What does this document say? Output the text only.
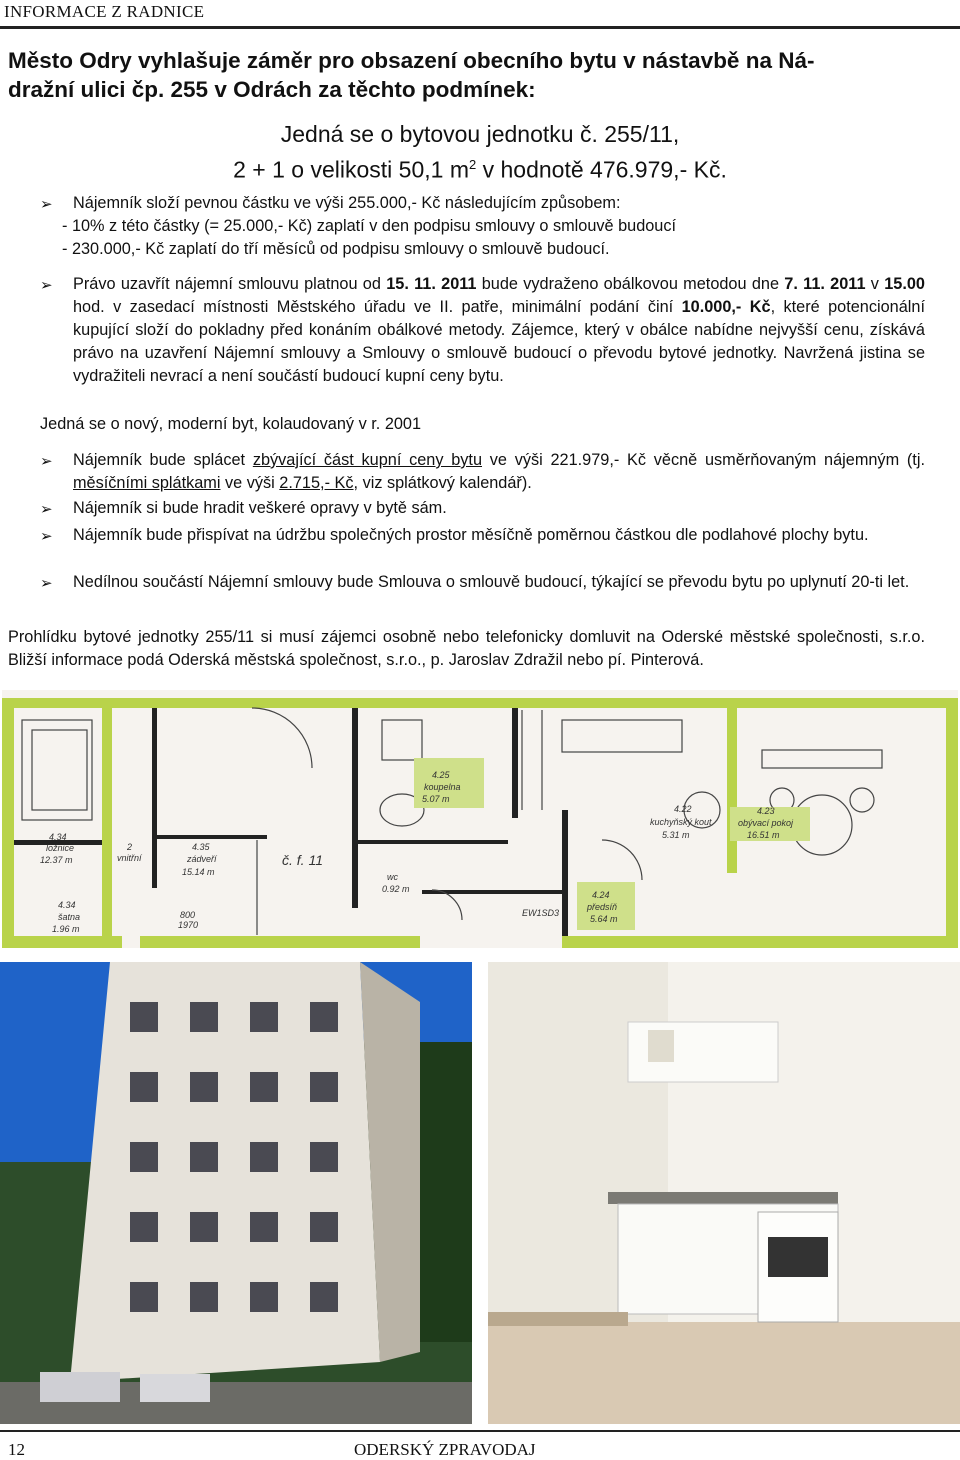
INFORMACE Z RADNICE
Město Odry vyhlašuje záměr pro obsazení obecního bytu v nástavbě na Ná-
dražní ulici čp. 255 v Odrách za těchto podmínek:
Jedná se o bytovou jednotku č. 255/11,
2 + 1 o velikosti 50,1 $m^2$ v hodnotě 476.979,- Kč.
➢ Nájemník složí pevnou částku ve výši 255.000,- Kč následujícím způsobem:
- 10% z této částky (= 25.000,- Kč) zaplatí v den podpisu smlouvy o smlouvě budoucí
- 230.000,- Kč zaplatí do tří měsíců od podpisu smlouvy o smlouvě budoucí.
➢ Právo uzavřít nájemní smlouvu platnou od 15. 11. 2011 bude vydraženo obálkovou metodou dne 7. 11. 2011 v 15.00 hod. v zasedací místnosti Městského úřadu ve II. patře, minimální podání činí 10.000,- Kč, které potencionální kupující složí do pokladny před konáním obálkové metody. Zájemce, který v obálce nabídne nejvyšší cenu, získává právo na uzavření Nájemní smlouvy a Smlouvy o smlouvě budoucí o převodu bytové jednotky. Navržená jistina se vydražiteli nevrací a není součástí budoucí kupní ceny bytu.
Jedná se o nový, moderní byt, kolaudovaný v r. 2001
➢ Nájemník bude splácet zbývající část kupní ceny bytu ve výši 221.979,- Kč věcně usměrňovaným nájemným (tj. měsíčními splátkami ve výši 2.715,- Kč, viz splátkový kalendář).
➢ Nájemník si bude hradit veškeré opravy v bytě sám.
➢ Nájemník bude přispívat na údržbu společných prostor měsíčně poměrnou částkou dle podlahové plochy bytu.
➢ Nedílnou součástí Nájemní smlouvy bude Smlouva o smlouvě budoucí, týkající se převodu bytu po uplynutí 20-ti let.
Prohlídku bytové jednotky 255/11 si musí zájemci osobně nebo telefonicky domluvit na Oderské městské společnosti, s.r.o. Bližší informace podá Oderská městská společnost, s.r.o., p. Jaroslav Zdražil nebo pí. Pinterová.
4.34
ložnice
12.37 m
2
vnitřní
4.35
zádveří
15.14 m
4.34
šatna
1.96 m
4.25
koupelna
5.07 m
4.22
kuchyňský kout
5.31 m
4.23
obývací pokoj
16.51 m
4.24
předsíň
5.64 m
wc
0.92 m
EW1SD3
č. f. 11
800
1970
12	ODERSKÝ ZPRAVODAJ
